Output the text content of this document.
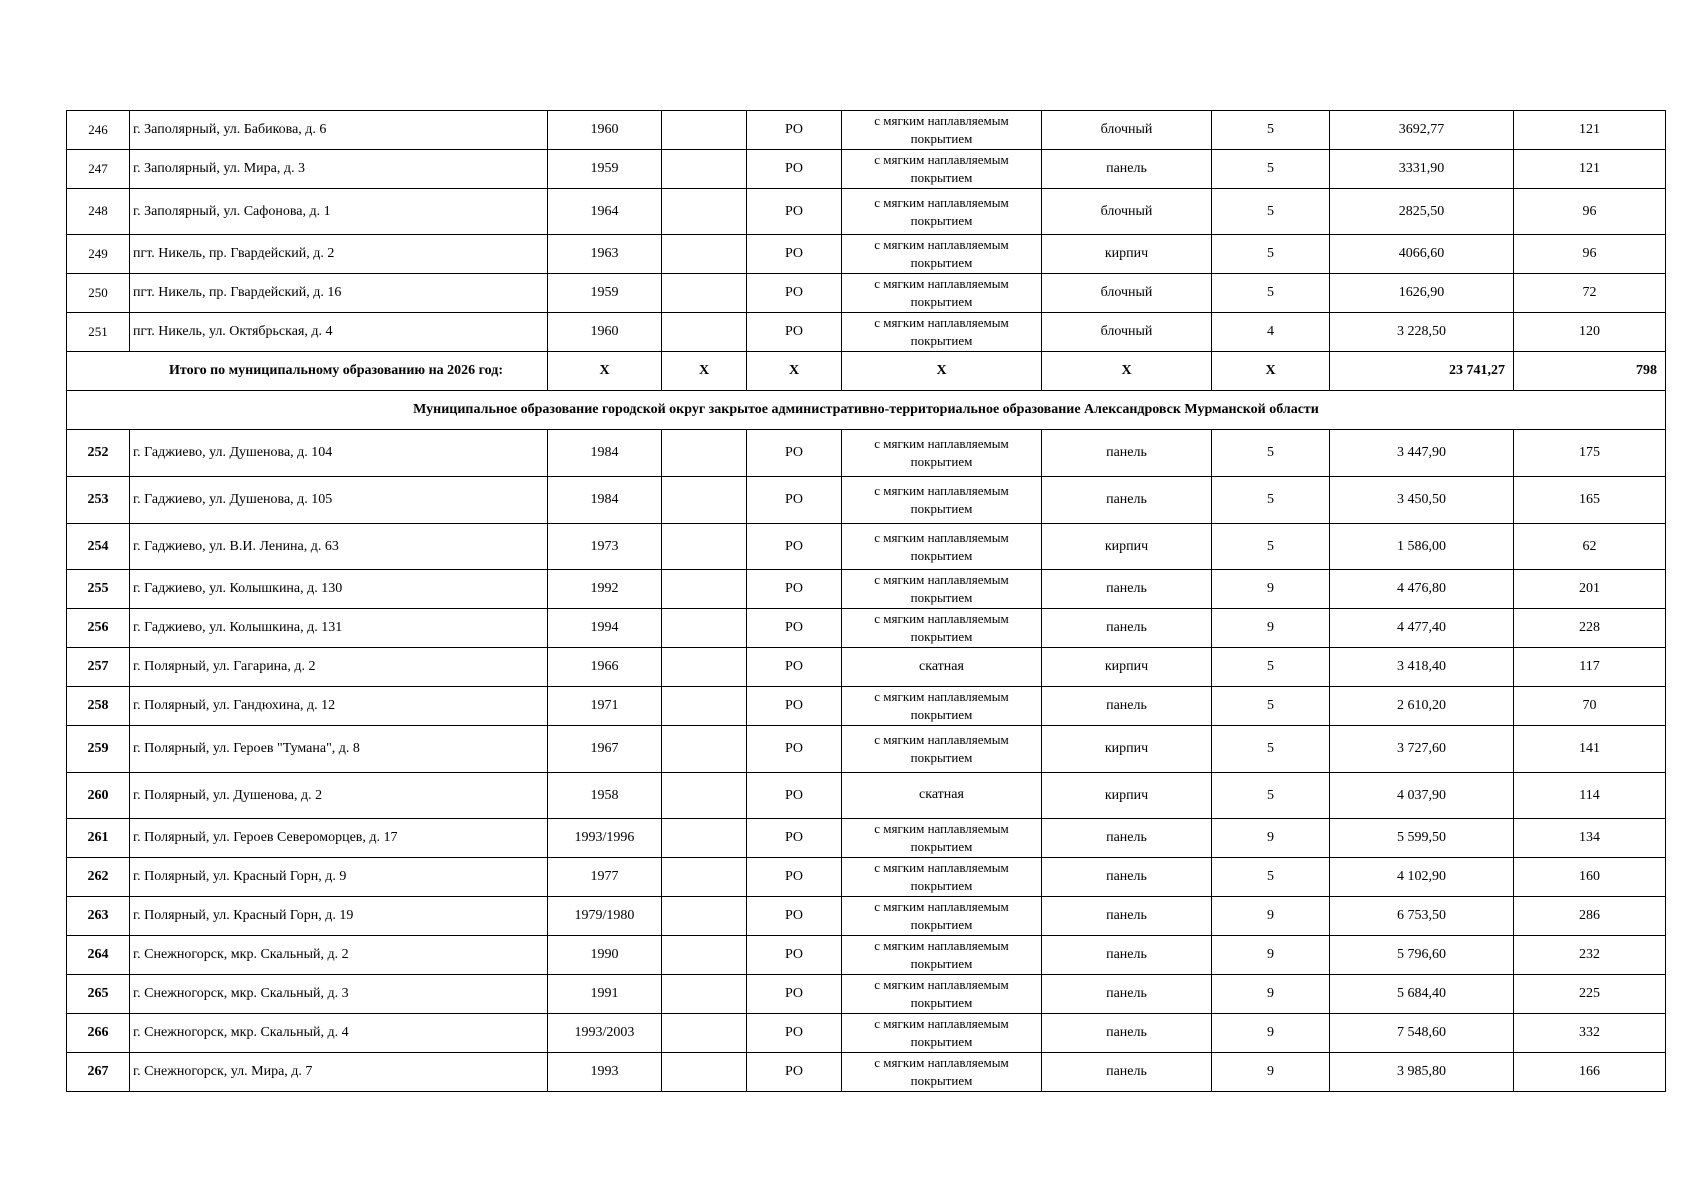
246	г. Заполярный, ул. Бабикова, д. 6	1960		РО	с мягким наплавляемым покрытием	блочный	5	3692,77	121
247	г. Заполярный, ул. Мира, д. 3	1959		РО	с мягким наплавляемым покрытием	панель	5	3331,90	121
248	г. Заполярный, ул. Сафонова, д. 1	1964		РО	с мягким наплавляемым покрытием	блочный	5	2825,50	96
249	пгт. Никель, пр. Гвардейский, д. 2	1963		РО	с мягким наплавляемым покрытием	кирпич	5	4066,60	96
250	пгт. Никель, пр. Гвардейский, д. 16	1959		РО	с мягким наплавляемым покрытием	блочный	5	1626,90	72
251	пгт. Никель, ул. Октябрьская, д. 4	1960		РО	с мягким наплавляемым покрытием	блочный	4	3 228,50	120
Итого по муниципальному образованию на 2026 год:		X	X	X	X	X	X	23 741,27	798
Муниципальное образование городской округ закрытое административно-территориальное образование Александровск Мурманской области									
252	г. Гаджиево, ул. Душенова, д. 104	1984		РО	с мягким наплавляемым покрытием	панель	5	3 447,90	175
253	г. Гаджиево, ул. Душенова, д. 105	1984		РО	с мягким наплавляемым покрытием	панель	5	3 450,50	165
254	г. Гаджиево, ул. В.И. Ленина, д. 63	1973		РО	с мягким наплавляемым покрытием	кирпич	5	1 586,00	62
255	г. Гаджиево, ул. Колышкина, д. 130	1992		РО	с мягким наплавляемым покрытием	панель	9	4 476,80	201
256	г. Гаджиево, ул. Колышкина, д. 131	1994		РО	с мягким наплавляемым покрытием	панель	9	4 477,40	228
257	г. Полярный, ул. Гагарина, д. 2	1966		РО	скатная	кирпич	5	3 418,40	117
258	г. Полярный, ул. Гандюхина, д. 12	1971		РО	с мягким наплавляемым покрытием	панель	5	2 610,20	70
259	г. Полярный, ул. Героев "Тумана", д. 8	1967		РО	с мягким наплавляемым покрытием	кирпич	5	3 727,60	141
260	г. Полярный, ул. Душенова, д. 2	1958		РО	скатная	кирпич	5	4 037,90	114
261	г. Полярный, ул. Героев Североморцев, д. 17	1993/1996		РО	с мягким наплавляемым покрытием	панель	9	5 599,50	134
262	г. Полярный, ул. Красный Горн, д. 9	1977		РО	с мягким наплавляемым покрытием	панель	5	4 102,90	160
263	г. Полярный, ул. Красный Горн, д. 19	1979/1980		РО	с мягким наплавляемым покрытием	панель	9	6 753,50	286
264	г. Снежногорск, мкр. Скальный, д. 2	1990		РО	с мягким наплавляемым покрытием	панель	9	5 796,60	232
265	г. Снежногорск, мкр. Скальный, д. 3	1991		РО	с мягким наплавляемым покрытием	панель	9	5 684,40	225
266	г. Снежногорск, мкр. Скальный, д. 4	1993/2003		РО	с мягким наплавляемым покрытием	панель	9	7 548,60	332
267	г. Снежногорск, ул. Мира, д. 7	1993		РО	с мягким наплавляемым покрытием	панель	9	3 985,80	166
